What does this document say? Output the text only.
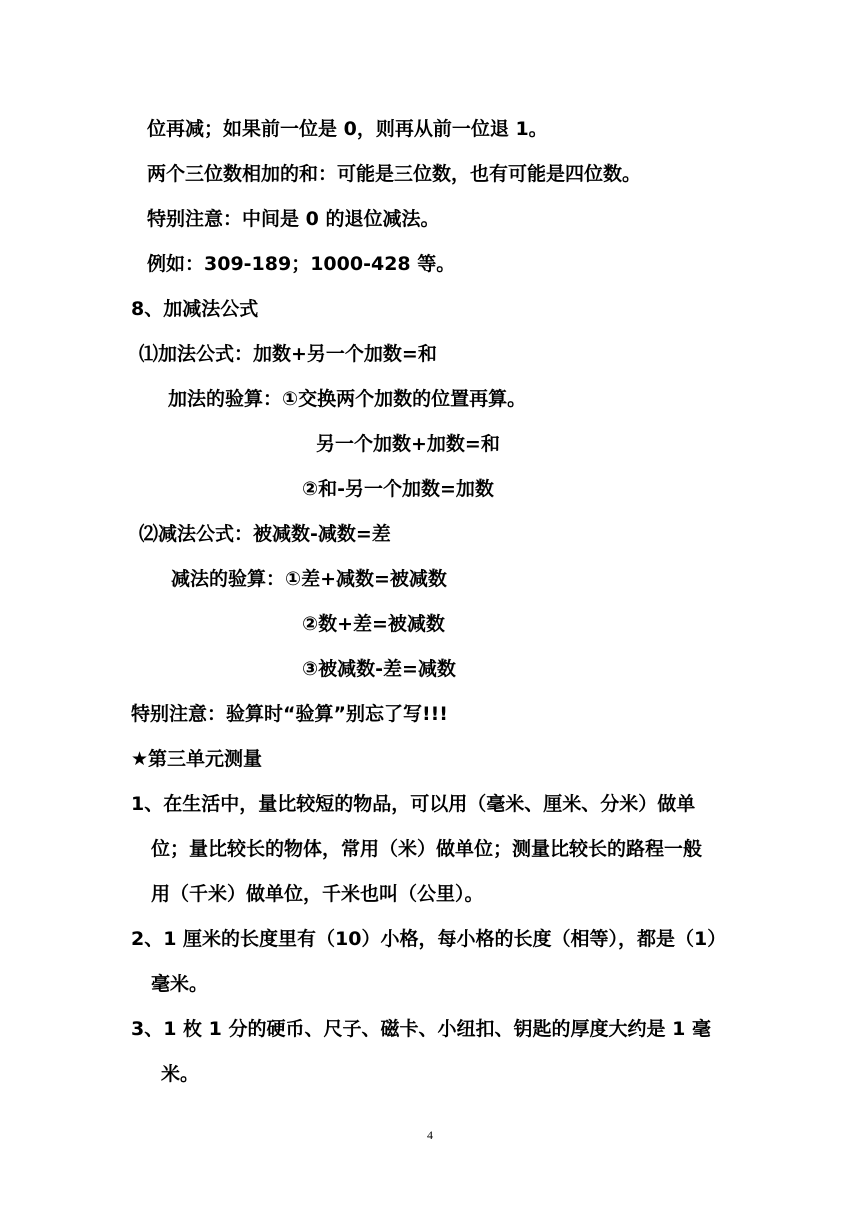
位再减；如果前一位是 0，则再从前一位退 1。
两个三位数相加的和：可能是三位数，也有可能是四位数。
特别注意：中间是 0 的退位减法。
例如：309-189；1000-428 等。
8、加减法公式
⑴加法公式：加数+另一个加数=和
加法的验算：①交换两个加数的位置再算。
另一个加数+加数=和
②和-另一个加数=加数
⑵减法公式：被减数-减数=差
减法的验算：①差+减数=被减数
②数+差=被减数
③被减数-差=减数
特别注意：验算时“验算”别忘了写!!!
★第三单元测量
1、在生活中，量比较短的物品，可以用（毫米、厘米、分米）做单
位；量比较长的物体，常用（米）做单位；测量比较长的路程一般
用（千米）做单位，千米也叫（公里）。
2、1 厘米的长度里有（10）小格，每小格的长度（相等），都是（1）
毫米。
3、1 枚 1 分的硬币、尺子、磁卡、小纽扣、钥匙的厚度大约是 1 毫
米。
4
